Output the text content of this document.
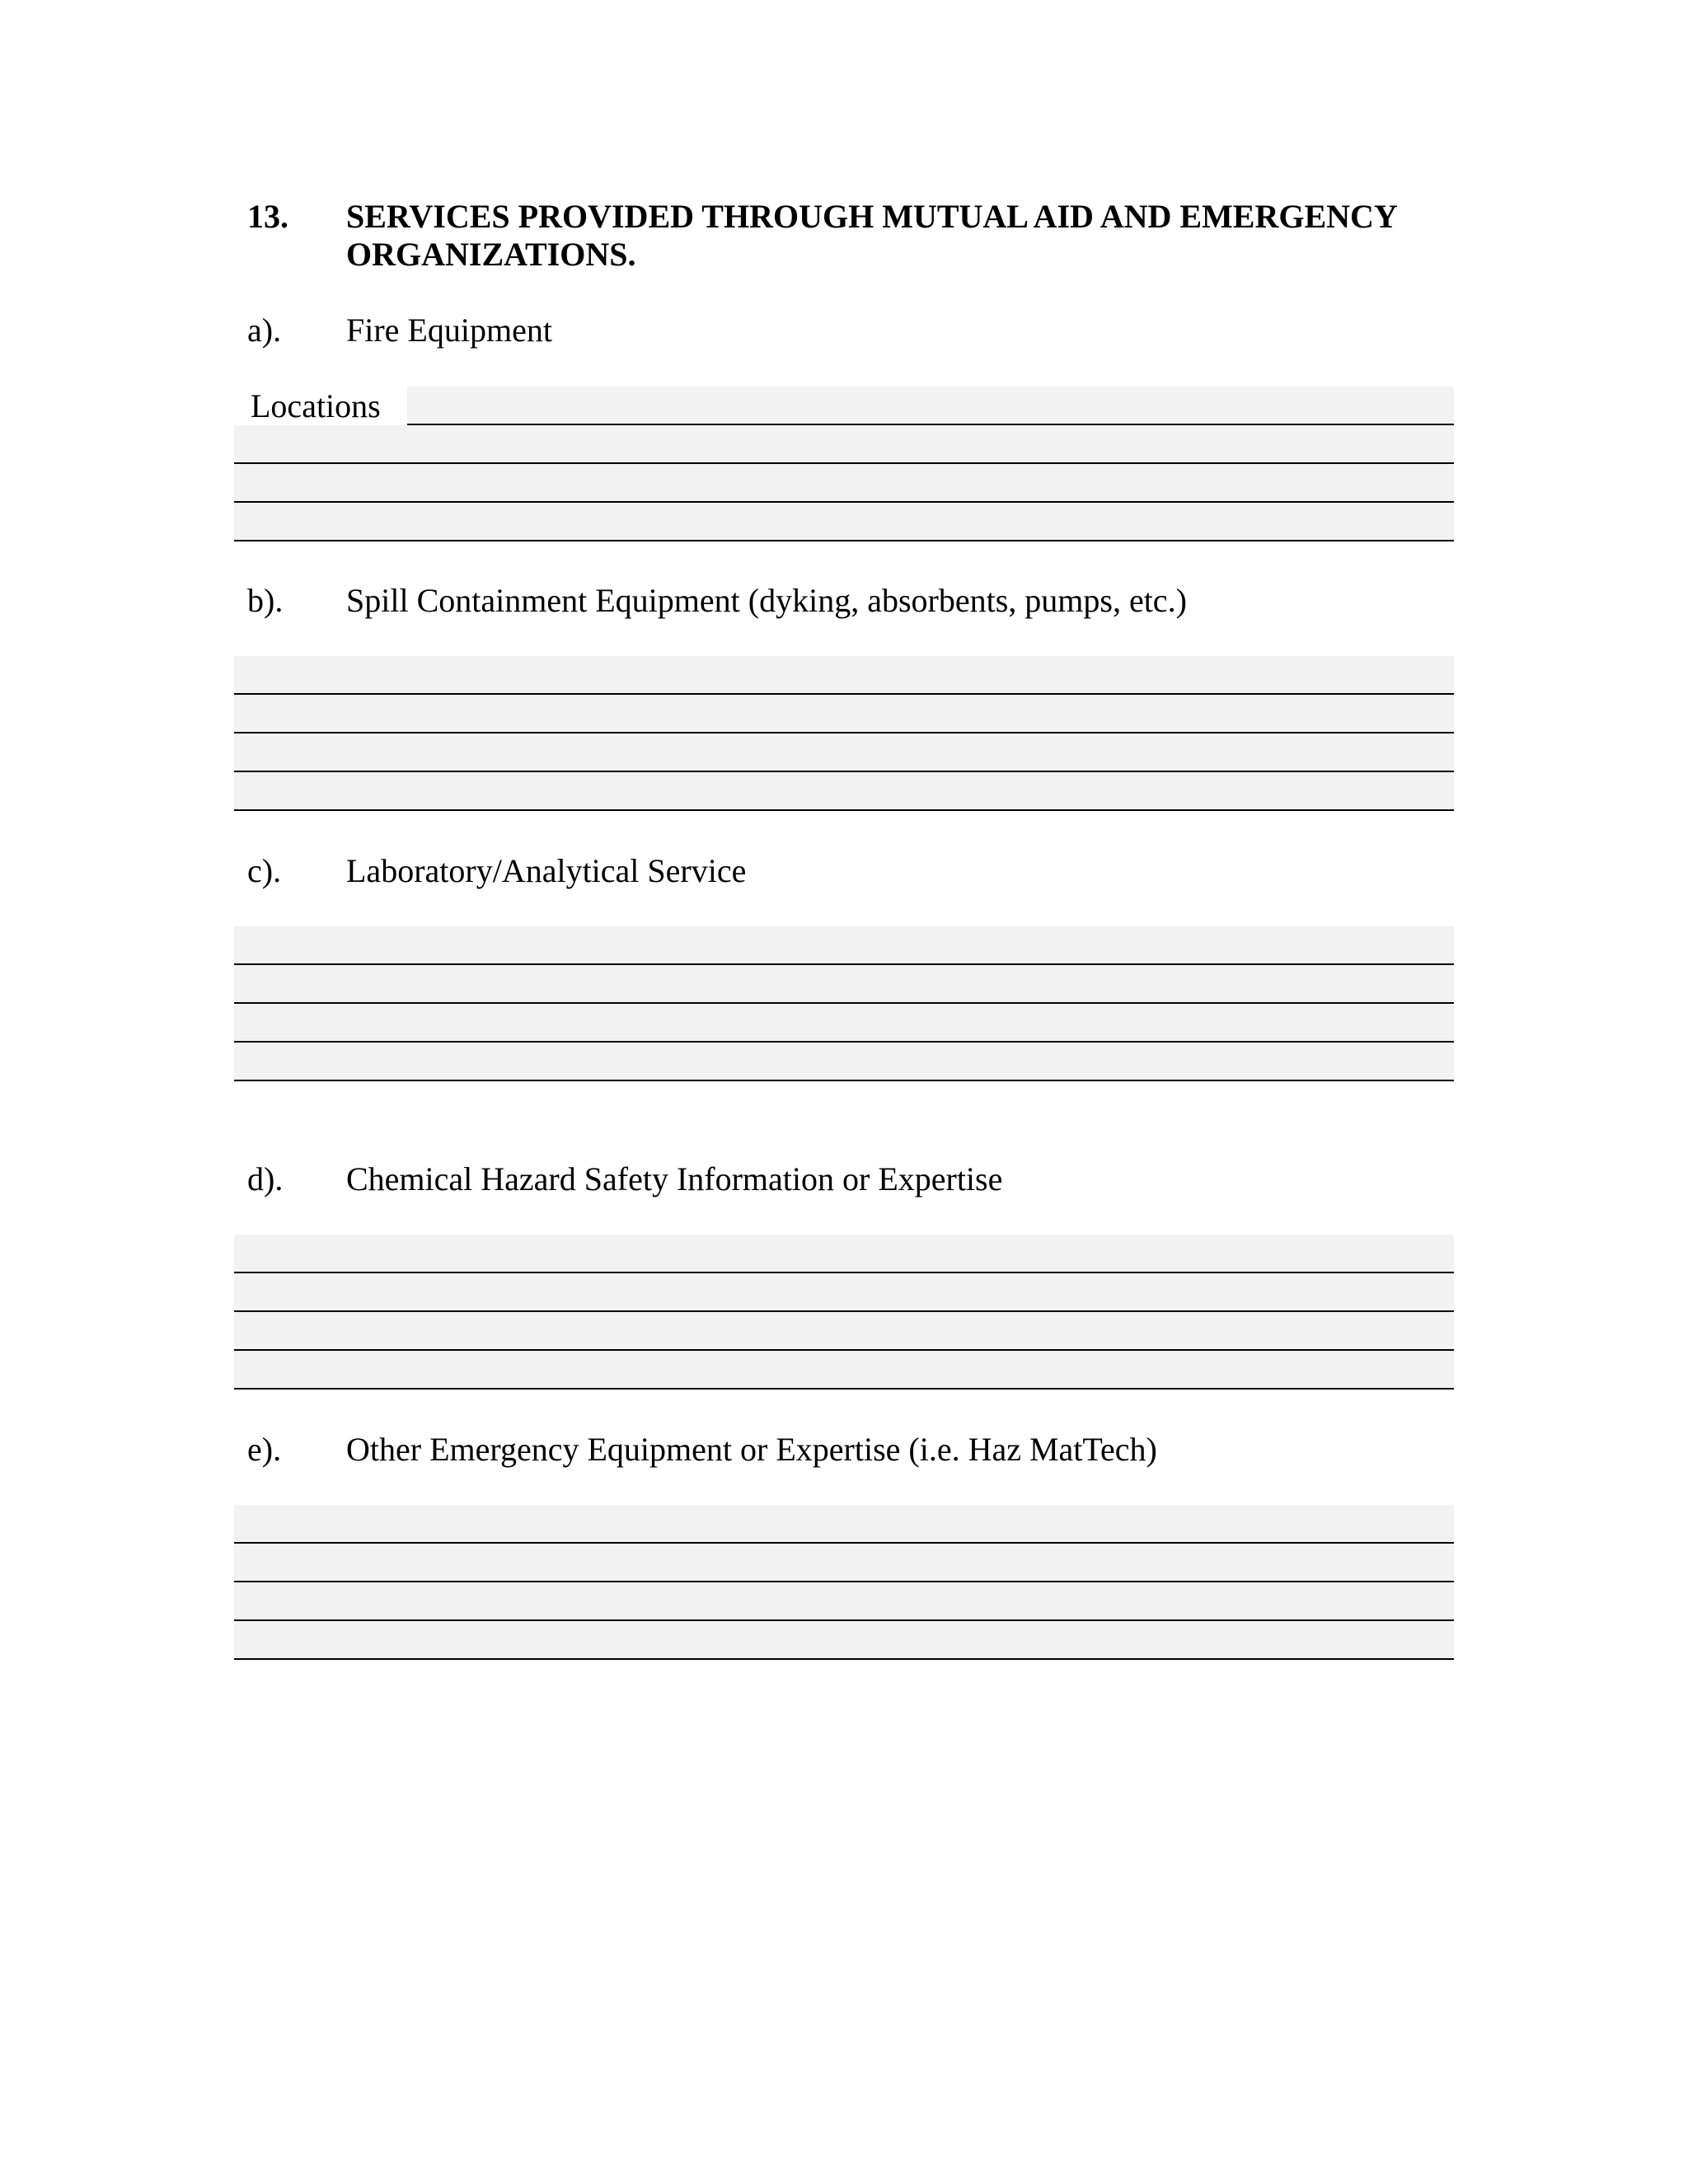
13. SERVICES PROVIDED THROUGH MUTUAL AID AND EMERGENCY ORGANIZATIONS.
a). Fire Equipment
Locations
b). Spill Containment Equipment (dyking, absorbents, pumps, etc.)
c). Laboratory/Analytical Service
d). Chemical Hazard Safety Information or Expertise
e). Other Emergency Equipment or Expertise (i.e. Haz MatTech)
